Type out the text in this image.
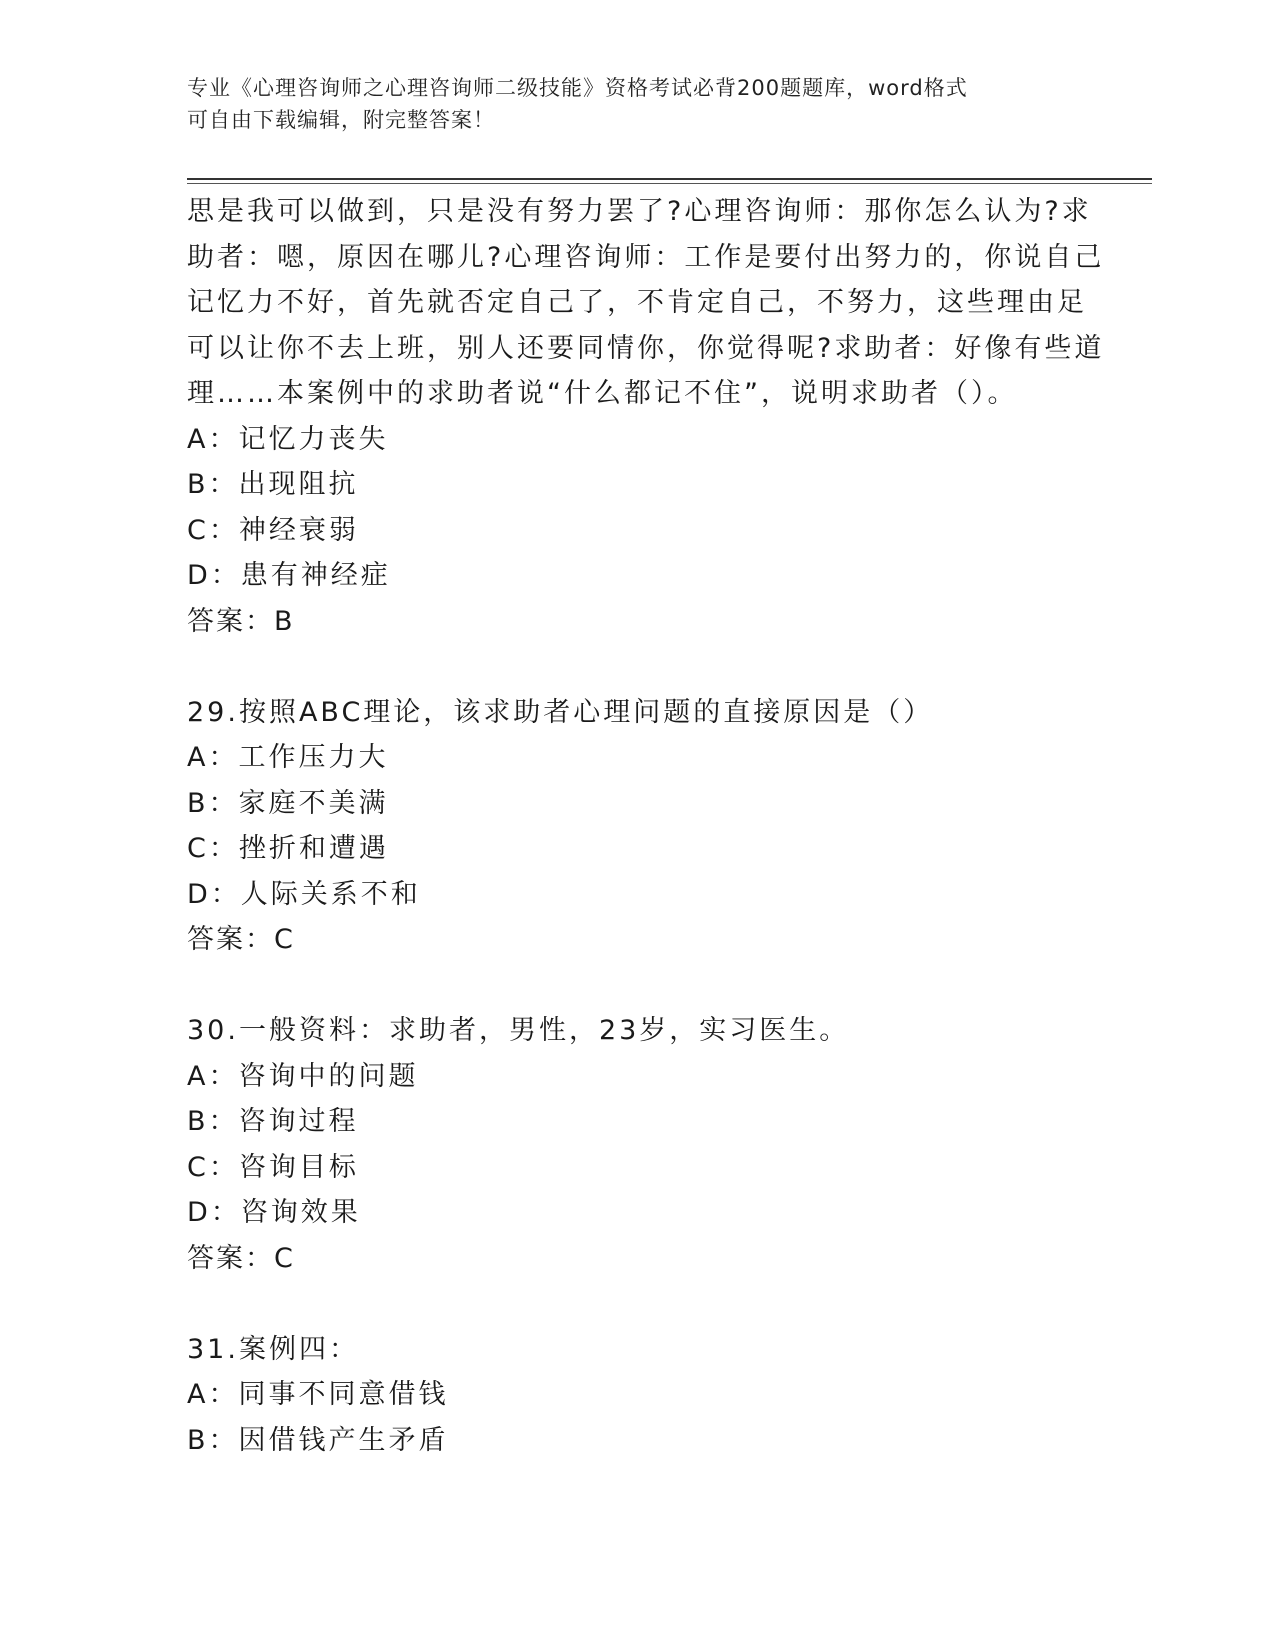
专业《心理咨询师之心理咨询师二级技能》资格考试必背200题题库，word格式
可自由下载编辑，附完整答案！
思是我可以做到，只是没有努力罢了?心理咨询师：那你怎么认为?求
助者：嗯，原因在哪儿?心理咨询师：工作是要付出努力的，你说自己
记忆力不好，首先就否定自己了，不肯定自己，不努力，这些理由足
可以让你不去上班，别人还要同情你，你觉得呢?求助者：好像有些道
理……本案例中的求助者说“什么都记不住”，说明求助者（）。
A：记忆力丧失
B：出现阻抗
C：神经衰弱
D：患有神经症
答案：B
29.按照ABC理论，该求助者心理问题的直接原因是（）
A：工作压力大
B：家庭不美满
C：挫折和遭遇
D：人际关系不和
答案：C
30.一般资料：求助者，男性，23岁，实习医生。
A：咨询中的问题
B：咨询过程
C：咨询目标
D：咨询效果
答案：C
31.案例四：
A：同事不同意借钱
B：因借钱产生矛盾
